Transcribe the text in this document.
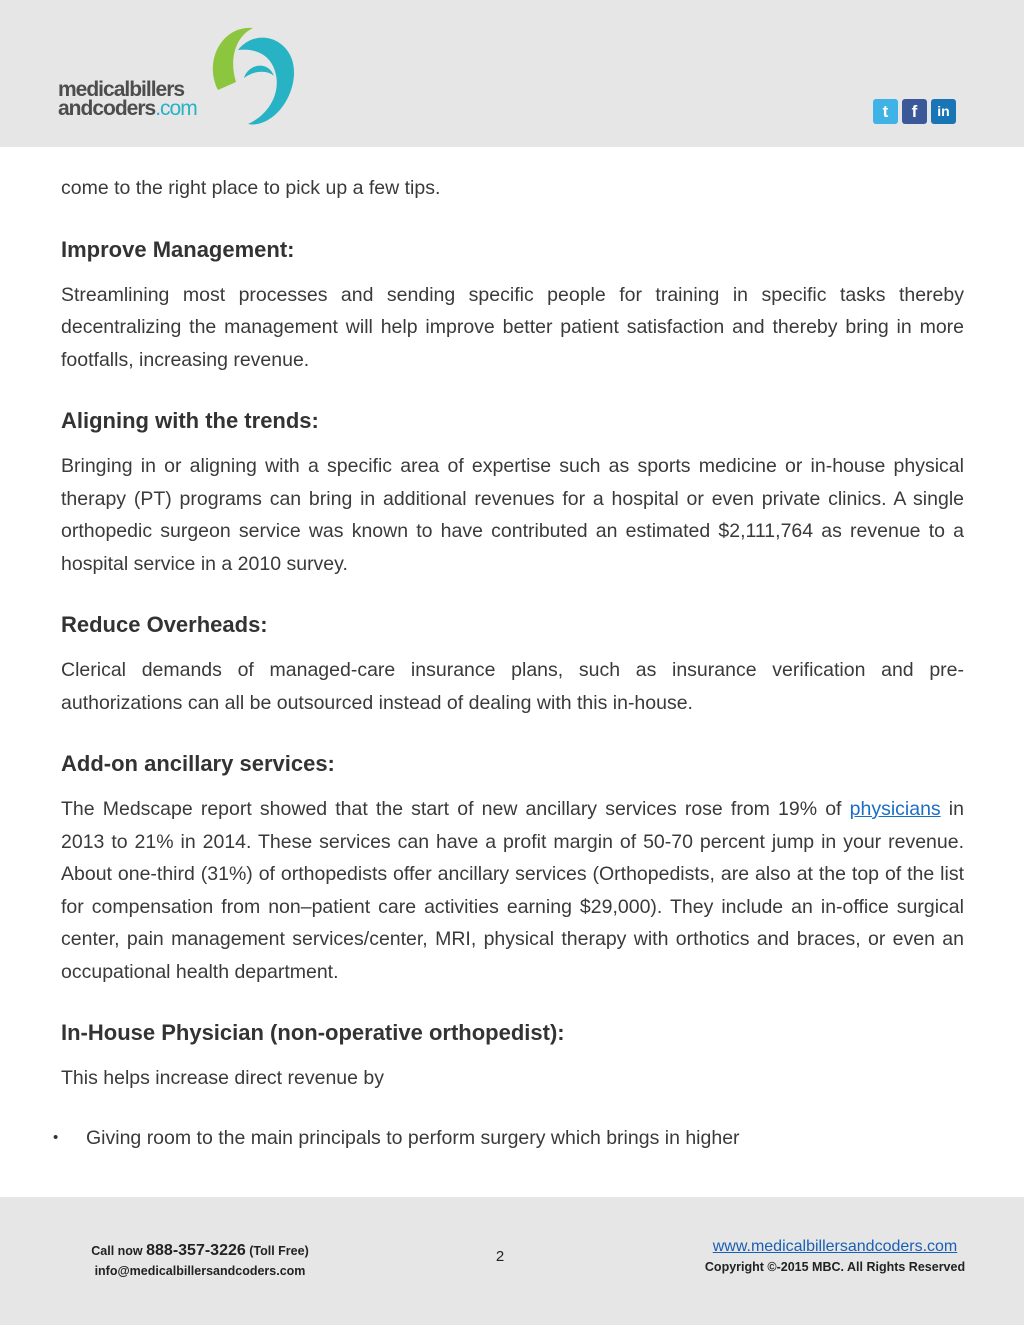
medicalbillers
andcoders.com	t	f	in

come to the right place to pick up a few tips.

Improve Management:

Streamlining most processes and sending specific people for training in specific tasks thereby decentralizing the management will help improve better patient satisfaction and thereby bring in more footfalls, increasing revenue.

Aligning with the trends:

Bringing in or aligning with a specific area of expertise such as sports medicine or in-house physical therapy (PT) programs can bring in additional revenues for a hospital or even private clinics. A single orthopedic surgeon service was known to have contributed an estimated $2,111,764 as revenue to a hospital service in a 2010 survey.

Reduce Overheads:

Clerical demands of managed-care insurance plans, such as insurance verification and pre-authorizations can all be outsourced instead of dealing with this in-house.

Add-on ancillary services:

The Medscape report showed that the start of new ancillary services rose from 19% of physicians in 2013 to 21% in 2014. These services can have a profit margin of 50-70 percent jump in your revenue. About one-third (31%) of orthopedists offer ancillary services (Orthopedists, are also at the top of the list for compensation from non–patient care activities earning $29,000). They include an in-office surgical center, pain management services/center, MRI, physical therapy with orthotics and braces, or even an occupational health department.

In-House Physician (non-operative orthopedist):

This helps increase direct revenue by

• Giving room to the main principals to perform surgery which brings in higher

Call now 888-357-3226 (Toll Free)
info@medicalbillersandcoders.com
2
www.medicalbillersandcoders.com
Copyright ©-2015 MBC. All Rights Reserved
